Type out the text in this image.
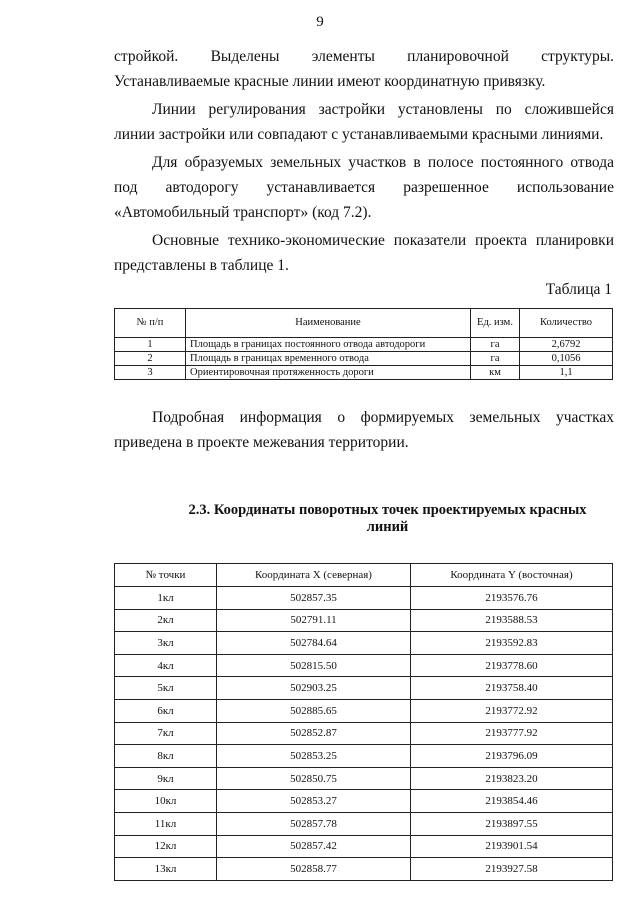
9

стройкой. Выделены элементы планировочной структуры. Устанавливаемые красные линии имеют координатную привязку.

Линии регулирования застройки установлены по сложившейся линии застройки или совпадают с устанавливаемыми красными линиями.

Для образуемых земельных участков в полосе постоянного отвода под автодорогу устанавливается разрешенное использование «Автомобильный транспорт» (код 7.2).

Основные технико-экономические показатели проекта планировки представлены в таблице 1.

Таблица 1
№ п/п	Наименование	Ед. изм.	Количество
1	Площадь в границах постоянного отвода автодороги	га	2,6792
2	Площадь в границах временного отвода	га	0,1056
3	Ориентировочная протяженность дороги	км	1,1

Подробная информация о формируемых земельных участках приведена в проекте межевания территории.

2.3. Координаты поворотных точек проектируемых красных линий
№ точки	Координата X (северная)	Координата Y (восточная)
1кл	502857.35	2193576.76
2кл	502791.11	2193588.53
3кл	502784.64	2193592.83
4кл	502815.50	2193778.60
5кл	502903.25	2193758.40
6кл	502885.65	2193772.92
7кл	502852.87	2193777.92
8кл	502853.25	2193796.09
9кл	502850.75	2193823.20
10кл	502853.27	2193854.46
11кл	502857.78	2193897.55
12кл	502857.42	2193901.54
13кл	502858.77	2193927.58
